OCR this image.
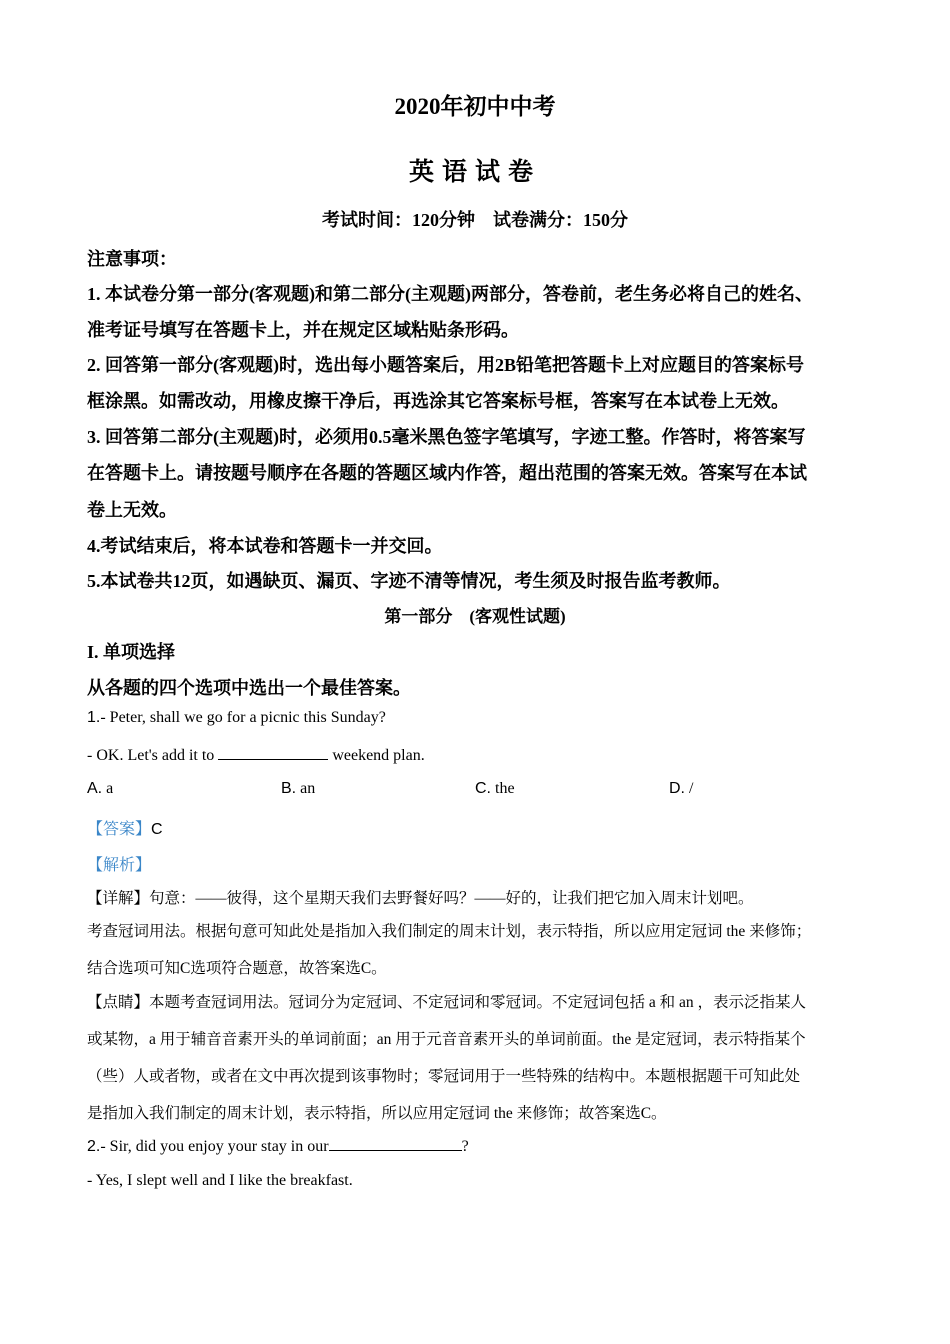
2020年初中中考
英语试卷
考试时间：120分钟　试卷满分：150分
注意事项：
1. 本试卷分第一部分(客观题)和第二部分(主观题)两部分，答卷前，老生务必将自己的姓名、
准考证号填写在答题卡上，并在规定区域粘贴条形码。
2. 回答第一部分(客观题)时，选出每小题答案后，用2B铅笔把答题卡上对应题目的答案标号
框涂黑。如需改动，用橡皮擦干净后，再选涂其它答案标号框，答案写在本试卷上无效。
3. 回答第二部分(主观题)时，必须用0.5毫米黑色签字笔填写，字迹工整。作答时，将答案写
在答题卡上。请按题号顺序在各题的答题区域内作答，超出范围的答案无效。答案写在本试
卷上无效。
4.考试结束后，将本试卷和答题卡一并交回。
5.本试卷共12页，如遇缺页、漏页、字迹不清等情况，考生须及时报告监考教师。
第一部分　(客观性试题)
I. 单项选择
从各题的四个选项中选出一个最佳答案。
1.- Peter, shall we go for a picnic this Sunday?
- OK. Let's add it to	weekend plan.
A. a	B. an	C. the	D. /
【答案】C
【解析】
【详解】句意：——彼得，这个星期天我们去野餐好吗？——好的，让我们把它加入周末计划吧。
考查冠词用法。根据句意可知此处是指加入我们制定的周末计划，表示特指，所以应用定冠词 the 来修饰；
结合选项可知C选项符合题意，故答案选C。
【点睛】本题考查冠词用法。冠词分为定冠词、不定冠词和零冠词。不定冠词包括 a 和 an ，表示泛指某人
或某物，a 用于辅音音素开头的单词前面；an 用于元音音素开头的单词前面。the 是定冠词，表示特指某个
（些）人或者物，或者在文中再次提到该事物时；零冠词用于一些特殊的结构中。本题根据题干可知此处
是指加入我们制定的周末计划，表示特指，所以应用定冠词 the 来修饰；故答案选C。
2.- Sir, did you enjoy your stay in our	?
- Yes, I slept well and I like the breakfast.
